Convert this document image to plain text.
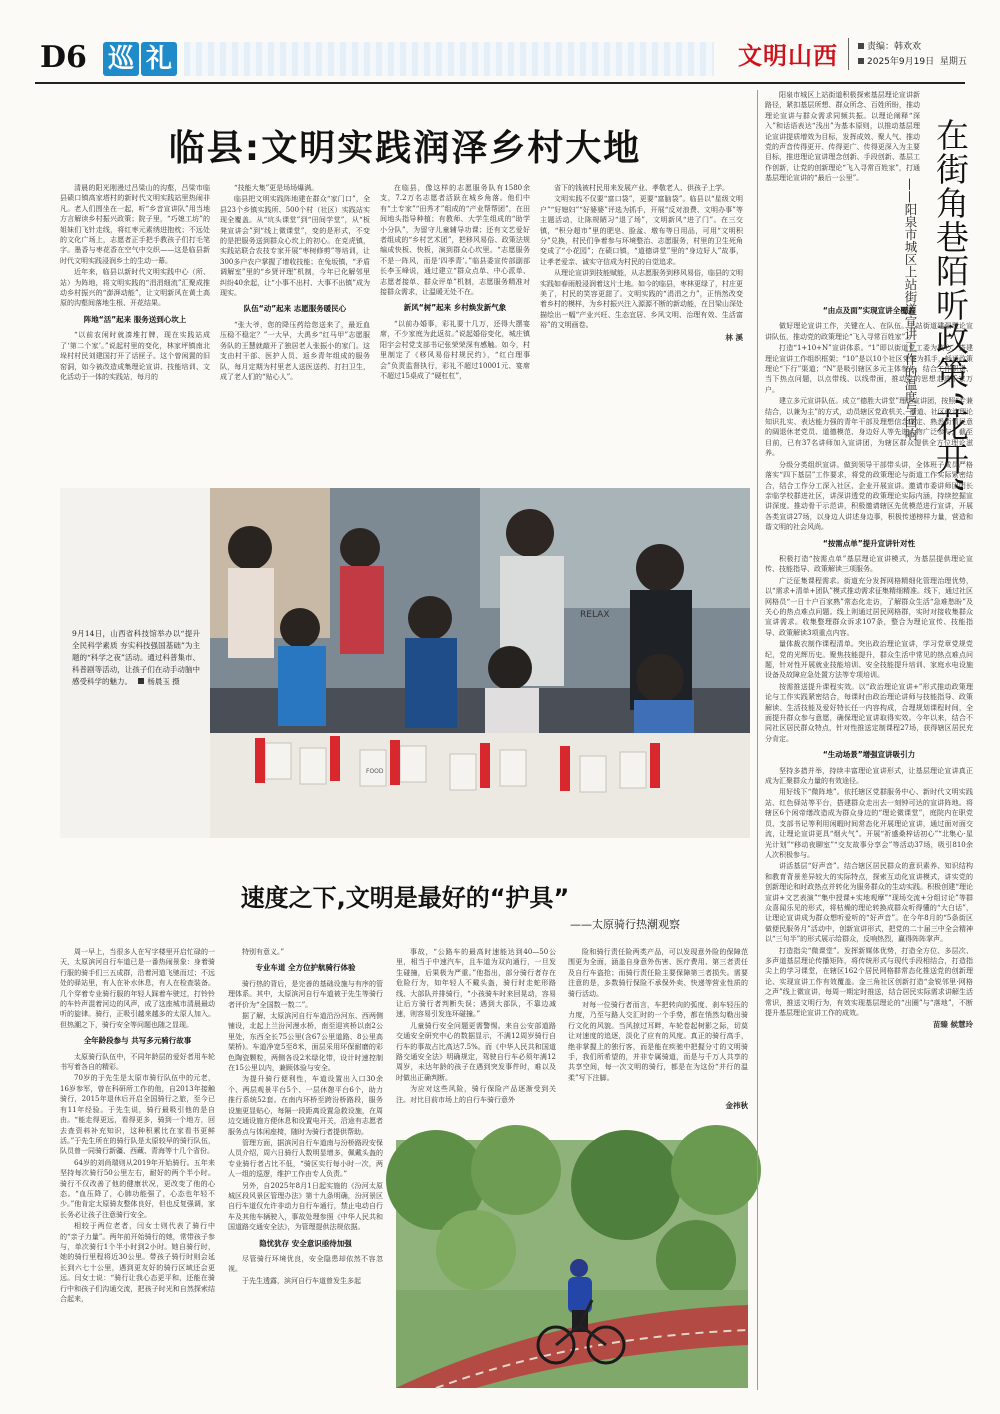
D6 巡 礼	文明山西	责编：韩欢欢
2025年9月19日 星期五
临县:文明实践润泽乡村大地

清晨的阳光刚漫过吕梁山的沟壑，吕梁市临县碛口镇高家塔村的新时代文明实践站里热闹非凡。老人们围坐在一起，听“乡音宣讲队”用当地方言解读乡村振兴政策；院子里，“巧媳工坊”的姐妹们飞针走线，将红枣元素绣进抱枕；不远处的文化广场上，志愿者正手把手教孩子们打毛笔字。墨香与枣花香在空气中交织——这是临县新时代文明实践浸润乡土的生动一幕。

近年来，临县以新时代文明实践中心（所、站）为阵地，将文明实践的“涓涓细流”汇聚成推动乡村振兴的“澎湃动能”，让文明新风在黄土高原的沟壑间落地生根、开花结果。

阵地“活”起来 服务送到心坎上

“以前农闲时就凑堆打牌，现在实践站成了‘第二个家’。”说起村里的变化，林家坪镇南北垛村村民刘建国打开了话匣子。这个曾闲置的旧窑洞，如今被改造成集理论宣讲、技能培训、文化活动于一体的实践站，每月的

“技能大集”更是场场爆满。

临县把文明实践阵地建在群众“家门口”，全县23个乡镇实践所、500个村（社区）实践站实现全覆盖。从“坑头课堂”到“田间学堂”，从“板凳宣讲会”到“线上微课堂”，变的是形式，不变的是把服务送到群众心坎上的初心。在克虎镇，实践站联合农技专家开展“枣树修剪”等培训，让300多户农户掌握了增收技能；在兔坂镇，“矛盾调解室”里的“乡贤评理”机制，今年已化解邻里纠纷40余起，让“小事不出村、大事不出镇”成为现实。

队伍“动”起来 志愿服务暖民心

“张大爷，您的降压药给您送来了，最近血压稳不稳定？”一大早，大禹乡“红马甲”志愿服务队的王慧就敲开了独居老人张振小的家门。这支由村干部、医护人员、返乡青年组成的服务队，每月定期为村里老人送医送药、打扫卫生，成了老人们的“贴心人”。

在临县，像这样的志愿服务队有1580余支，7.2万名志愿者活跃在城乡角落。他们中有“土专家”“田秀才”组成的“产业帮帮团”，在田间地头指导种植；有教师、大学生组成的“助学小分队”，为留守儿童辅导功课；还有文艺爱好者组成的“乡村艺术团”，把移风易俗、政策法规编成快板、快板，演到群众心坎里。“志愿服务不是一阵风，而是‘四季青’。”临县委宣传部副部长李玉峰说，通过建立“群众点单、中心派单、志愿者接单、群众评单”机制，志愿服务精准对接群众需求，让温暖无处不在。

新风“树”起来 乡村焕发新气象

“以前办婚事，彩礼要十几万，还得大摆宴席，不少家庭为此返贫。”说起婚俗变化，城庄镇阳宇会村党支部书记张荣荣深有感触。如今，村里制定了《移风易俗村规民约》，“红白理事会”负责监督执行，彩礼不超过10001元、宴席不超过15桌成了“硬杠杠”，

省下的钱被村民用来发展产业、孝敬老人、供孩子上学。

文明实践不仅要“富口袋”，更要“富脑袋”。临县以“星级文明户”“好媳妇”“好婆婆”评选为抓手，开展“反对浪费、文明办事”等主题活动，让陈规陋习“退了场”，文明新风“进了门”。在三交镇，“积分超市”里的肥皂、脸盆、墩布等日用品，可用“文明积分”兑换，村民们争着参与环境整治、志愿服务，村里的卫生死角变成了“小花园”；在碛口镇，“道德讲堂”里的“身边好人”故事，让孝老爱亲、诚实守信成为村民的自觉追求。

从理论宣讲到技能赋能，从志愿服务到移风易俗，临县的文明实践如春雨般浸润着这片土地。如今的临县，枣林更绿了，村庄更美了，村民的笑容更甜了。文明实践的“涓涓之力”，正悄然改变着乡村的模样，为乡村振兴注入源源不断的新动能，在吕梁山深处描绘出一幅“产业兴旺、生态宜居、乡风文明、治理有效、生活富裕”的文明画卷。

林 溪
RELAX
FOOD
9月14日，山西省科技馆举办以“提升全民科学素质 夯实科技强国基础”为主题的“科学之夜”活动。通过科普集市、科普剧等活动，让孩子们在动手动脑中感受科学的魅力。 杨晨玉 摄
速度之下,文明是最好的“护具”
——太原骑行热潮观察

周一早上，当很多人在写字楼里开启忙碌的一天，太原滨河自行车道已是一番热闹景象：身着骑行服的骑手们三五成群，沿着河道飞驰而过；不远处的驿站里，有人在补水休息，有人在检查装备。几个穿着专业骑行服的年轻人踩着车驶过，打铃铃的车铃声混着河边的风声，成了这座城市清晨最动听的旋律。骑行，正吸引越来越多的太原人加入。但热潮之下，骑行安全等问题也随之显现。

全年龄段参与 共写多元骑行故事

太原骑行队伍中，不同年龄层的爱好者用车轮书写着各自的精彩。

70岁的于先生是太原市骑行队伍中的元老，16岁参军，曾在科研所工作的他，自2013年接触骑行，2015年退休后开启全国骑行之旅，至今已有11年经验。于先生说，骑行最吸引他的是自由。“能走得更远，看得更多，骑到一个地方，回去查资料补充知识，这种积累比在家看书更鲜活。”于先生所在的骑行队是太原较早的骑行队伍，队员曾一同骑行新疆、西藏、青海等十几个省份。

64岁的刘尚瑞则从2019年开始骑行。五年来坚持每次骑行50公里左右，耐好的两个半小时。骑行不仅改善了他的健康状况，更改变了他的心态。“血压降了，心肺功能强了，心态也年轻不少。”他肯定太原骑友整体良好，但也反复强调，家长务必让孩子注意骑行安全。

相较于两位老者，闫女士则代表了骑行中的“亲子力量”。两年前开始骑行的她，常带孩子参与，单次骑行1个半小时到2小时。她自骑行时，她的骑行里程将近30公里。带孩子骑行时则会延长到六七十公里，遇到更友好的骑行区域还会更远。闫女士说：“骑行让我心态更平和，还能在骑行中和孩子们沟通交流，把孩子时光和自然探索结合起来，

特别有意义。”

专业车道 全方位护航骑行体验

骑行热的背后，是完善的基础设施与有序的管理体系。其中，太原滨河自行车道被于先生等骑行者评价为“全国数一数二”。

据了解，太原滨河自行车道沿汾河东、西两侧铺设，北起上兰汾河漫水桥，南至迎宾桥以南2公里处，东西全长75公里(含67公里道路、8公里高架桥)。车道净宽5至8米，面层采用环保耐磨的彩色陶瓷颗粒，两侧各设2米绿化带，设计时速控制在15公里以内，兼顾体验与安全。

为提升骑行便利性，车道设置出入口30余个、两层观景平台5个、一层休憩平台6个，助力推行系统52套。在南内环桥至跨汾桥路段，服务设施更显贴心，每隔一段距离设置急救设施，在周边交通设施方便休息和设置电开关，沿途有志愿者服务点与体闲座椅，随时为骑行者提供帮助。

管理方面，据滨河自行车道南与汾桥路段安保人员介绍，周六日骑行人数明显增多，佩戴头盔的专业骑行者占比不低，“骑区实行每小时一次，两人一组的巡逻，维护工作由专人负责。”

另外，自2025年8月1日起实施的《汾河太原城区段风景区管理办法》第十九条明确，汾河景区自行车道仅允许非动力自行车通行，禁止电动自行车及其他车辆驶入，事故处理参照《中华人民共和国道路交通安全法》，为管理提供法规依据。

隐忧犹存 安全意识亟待加强

尽管骑行环境优良，安全隐患却依然不容忽视。

于先生透露，滨河自行车道曾发生多起

事故，“公路车的最高时速能达到40—50公里，相当于中速汽车，且车道为双向通行，一旦发生碰撞，后果极为严重。”他指出，部分骑行者存在危险行为，如年轻人不戴头盔，骑行时走蛇形路线、大部队并排骑行，“小孩骑车时来回晃动，容易让后方骑行者判断失误；遇到大部队，不靠边减速，则容易引发连环碰撞。”

儿童骑行安全问题更需警惕。来自公安部道路交通安全研究中心的数据显示，不满12周岁骑行自行车的事故占比高达7.5%。而《中华人民共和国道路交通安全法》明确规定，驾驶自行车必须年满12周岁，未达年龄的孩子在遇到突发事件时，难以及时做出正确判断。

为应对这些风险，骑行保险产品逐渐受到关注。对比目前市场上的自行车骑行意外

险和骑行责任险两类产品，可以发现意外险的保障范围更为全面，涵盖自身意外伤害、医疗费用、第三者责任及自行车盗抢；而骑行责任险主要保障第三者损失。需要注意的是，多数骑行保险不承保外卖、快递等营业性质的骑行活动。

对每一位骑行者而言，车把转向的弧度、刹车轻压的力度，乃至与路人交汇时的一个手势，都在悄然勾勒出骑行文化的风貌。当风掠过耳畔，车轮卷起树影之际，切莫让对速度的追逐，淡化了应有的风度。真正的骑行高手，绝非掌握上的独行客，而是能在疾驰中把握分寸的文明骑手，我们所希望的，并非专属骑道，而是与千万人共享的共享空间，每一次文明的骑行，都是在为这份“并行的温柔”写下注脚。

金祎秋

阳泉市城区上站街道积极探索基层理论宣讲新路径，紧扣基层所想、群众所念、百姓所盼，推动理论宣讲与群众需求同频共振。以理论阐释“深入”和话语表达“浅出”为基本原则，以推动基层理论宣讲提质增效为目标，发挥成效、聚人气、推动党的声音传得更开、传得更广、传得更深入为主要目标，推进理论宣讲理念创新、手段创新、基层工作创新，让党的创新理论“飞入寻常百姓家”，打通基层理论宣讲的“最后一公里”。	在街角巷陌听政策“花开”
——阳泉市城区上站街道宣讲工作的温度与回响
“由点及面”实现宣讲全覆盖

做好理论宣讲工作，关键在人、在队伍。上站街道建强理论宣讲队伍，推动党的政策理论“飞入寻常百姓家”。

打造“1+10+N”宣讲体系。“1”即以街道党工委为核心，搭建理论宣讲工作组织框架；“10”是以10个社区党委为抓手，畅通政策理论“下行”渠道；“N”是吸引辖区多元主体参与，结合工作职责、当下热点问题，以点带线、以线带面，推动党的思想走进千家万户。

建立多元宣讲队伍。成立“德胜大讲堂”理论宣讲团，按照“专兼结合，以兼为主”的方式，动员辖区党政机关、街道、社区政治理论知识扎实、表达能力强的青年干部及理想信念坚定、熟悉街情民意的阔退休老党员、道德模范、身边好人等先进人物广泛参与，截至目前，已有37名讲师加入宣讲团，为辖区群众提供全方位理论滋养。

分级分类组织宣讲。做到领导干部带头讲，全体班子成员严格落实“四下基层”工作要求，将党的政策理论与街道工作实际紧密结合，结合工作分工深入社区、企业开展宣讲。邀请市委讲师团团长亲临学校群进社区，讲深讲透党的政策理论实际内涵，持续挖掘宣讲深度。推动骨干示范讲，积极邀请辖区先优模范进行宣讲，开展各类宣讲27场，以身边人讲述身边事，积极传递榜样力量，营造和谐文明的社会风尚。

“按需点单”提升宣讲针对性

积极打造“按需点单”基层理论宣讲模式，为基层提供理论宣传、技能指导、政策解读三项服务。

广泛征集课程需求。街道充分发挥网格精细化管理治理优势，以“需求+清单+团队”模式推动需求征集精细精准。线下，通过社区网格员“一日十户百家熟”常态化走访，了解群众生活“急难愁盼”及关心的热点难点问题。线上则通过居民网格群，实时对接收集群众宣讲需求。收集整理群众诉求107条，整合为理论宣传、技能指导、政策解读3项重点内容。

量体裁衣制作课程清单。突出政治理论宣讲，学习党章党规党纪，党的光辉历史。聚焦技能提升，群众生活中常见的热点难点问题，针对性开展就业技能培训、安全技能提升培训、家庭水电设施设备及故障应急处置方法等专项培训。

按需推送提升课程实效。以“政治理论宣讲+”形式推动政策理论与工作实践紧密结合，每课时由政治理论讲师与技能指导、政策解读、生活技能及爱好特长任一内容构成，合理规划课程时间，全面提升群众参与意愿，确保理论宣讲取得实效。今年以来，结合不同社区居民群众特点，针对性推送定制课程27场，获得辖区居民充分肯定。

“生动场景”增强宣讲吸引力

坚持多措并举，持续丰富理论宣讲形式，让基层理论宣讲真正成为汇聚群众力量的有效途径。

用好线下“微阵地”。依托辖区党群服务中心、新时代文明实践站、红色驿站等平台，搭建群众走出去一刻钟可达的宣讲阵地。将辖区6个闲帝缮改造成为群众身边的“理论微课堂”，庭院内在职党员、支部书记等利用闲暇时间常态化开展理论宣讲，通过面对面交流，让理论宣讲更具“烟火气”。开展“祈盛桑梓话初心”“北集心·星光计划”“移动夜聊室”“交友故事分享会”等活动37场，吸引810余人次积极参与。

讲活基层“好声音”。结合辖区居民群众的意识素养、知识结构和教育背景差异较大的实际特点，探索互动化宣讲模式，讲实党的创新理论和时政热点并转化为服务群众的生动实践。积极创建“理论宣讲+文艺表演”“集中授课+实地观摩”“现场交流+分组讨论”等群众喜闻乐见的形式，将枯燥的理论转换成群众听得懂的“大白话”，让理论宣讲成为群众想听爱听的“好声音”。在今年8月的“5条街区做便民服务月”活动中，创新宣讲形式，把党的二十届三中全会精神以“三句半”的形式展示给群众，反响热烈，赢得阵阵掌声。

打造指尖“微课堂”。发挥新媒体优势，打造全方位、多层次、多声道基层理论传播矩阵，将传统形式与现代手段相结合，打造指尖上的学习课堂，在辖区162个居民网格群常态化推送党的创新理论、实现宣讲工作有效覆盖。金三角社区创新打造“金锐邻里·网格之声”线上微宣讲，每周一期定时推送，结合居民实际需求讲解生活常识，推送文明行为，有效实现基层理论的“出圈”与“落地”，不断提升基层理论宣讲工作的成效。

苗臻 候慧玲
